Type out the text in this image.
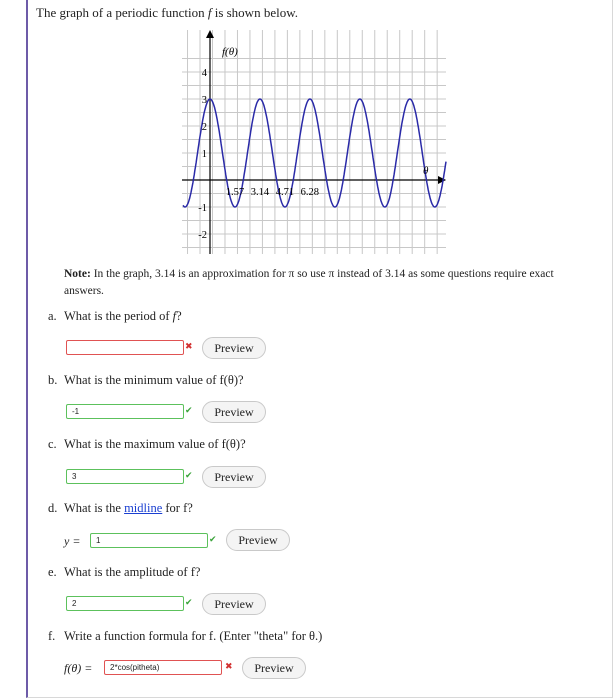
The graph of a periodic function f is shown below.
1.57 3.14 4.71 6.28
4
3
2
1
-1
-2
f(θ)
θ
Note: In the graph, 3.14 is an approximation for π so use π instead of 3.14 as some questions require exact answers.
a. What is the period of f?
✖	Preview
b. What is the minimum value of f(θ)?
-1	✔	Preview
c. What is the maximum value of f(θ)?
3	✔	Preview
d. What is the midline for f?
y =	1	✔	Preview
e. What is the amplitude of f?
2	✔	Preview
f. Write a function formula for f. (Enter "theta" for θ.)
f(θ) =	2*cos(pitheta)	✖	Preview
